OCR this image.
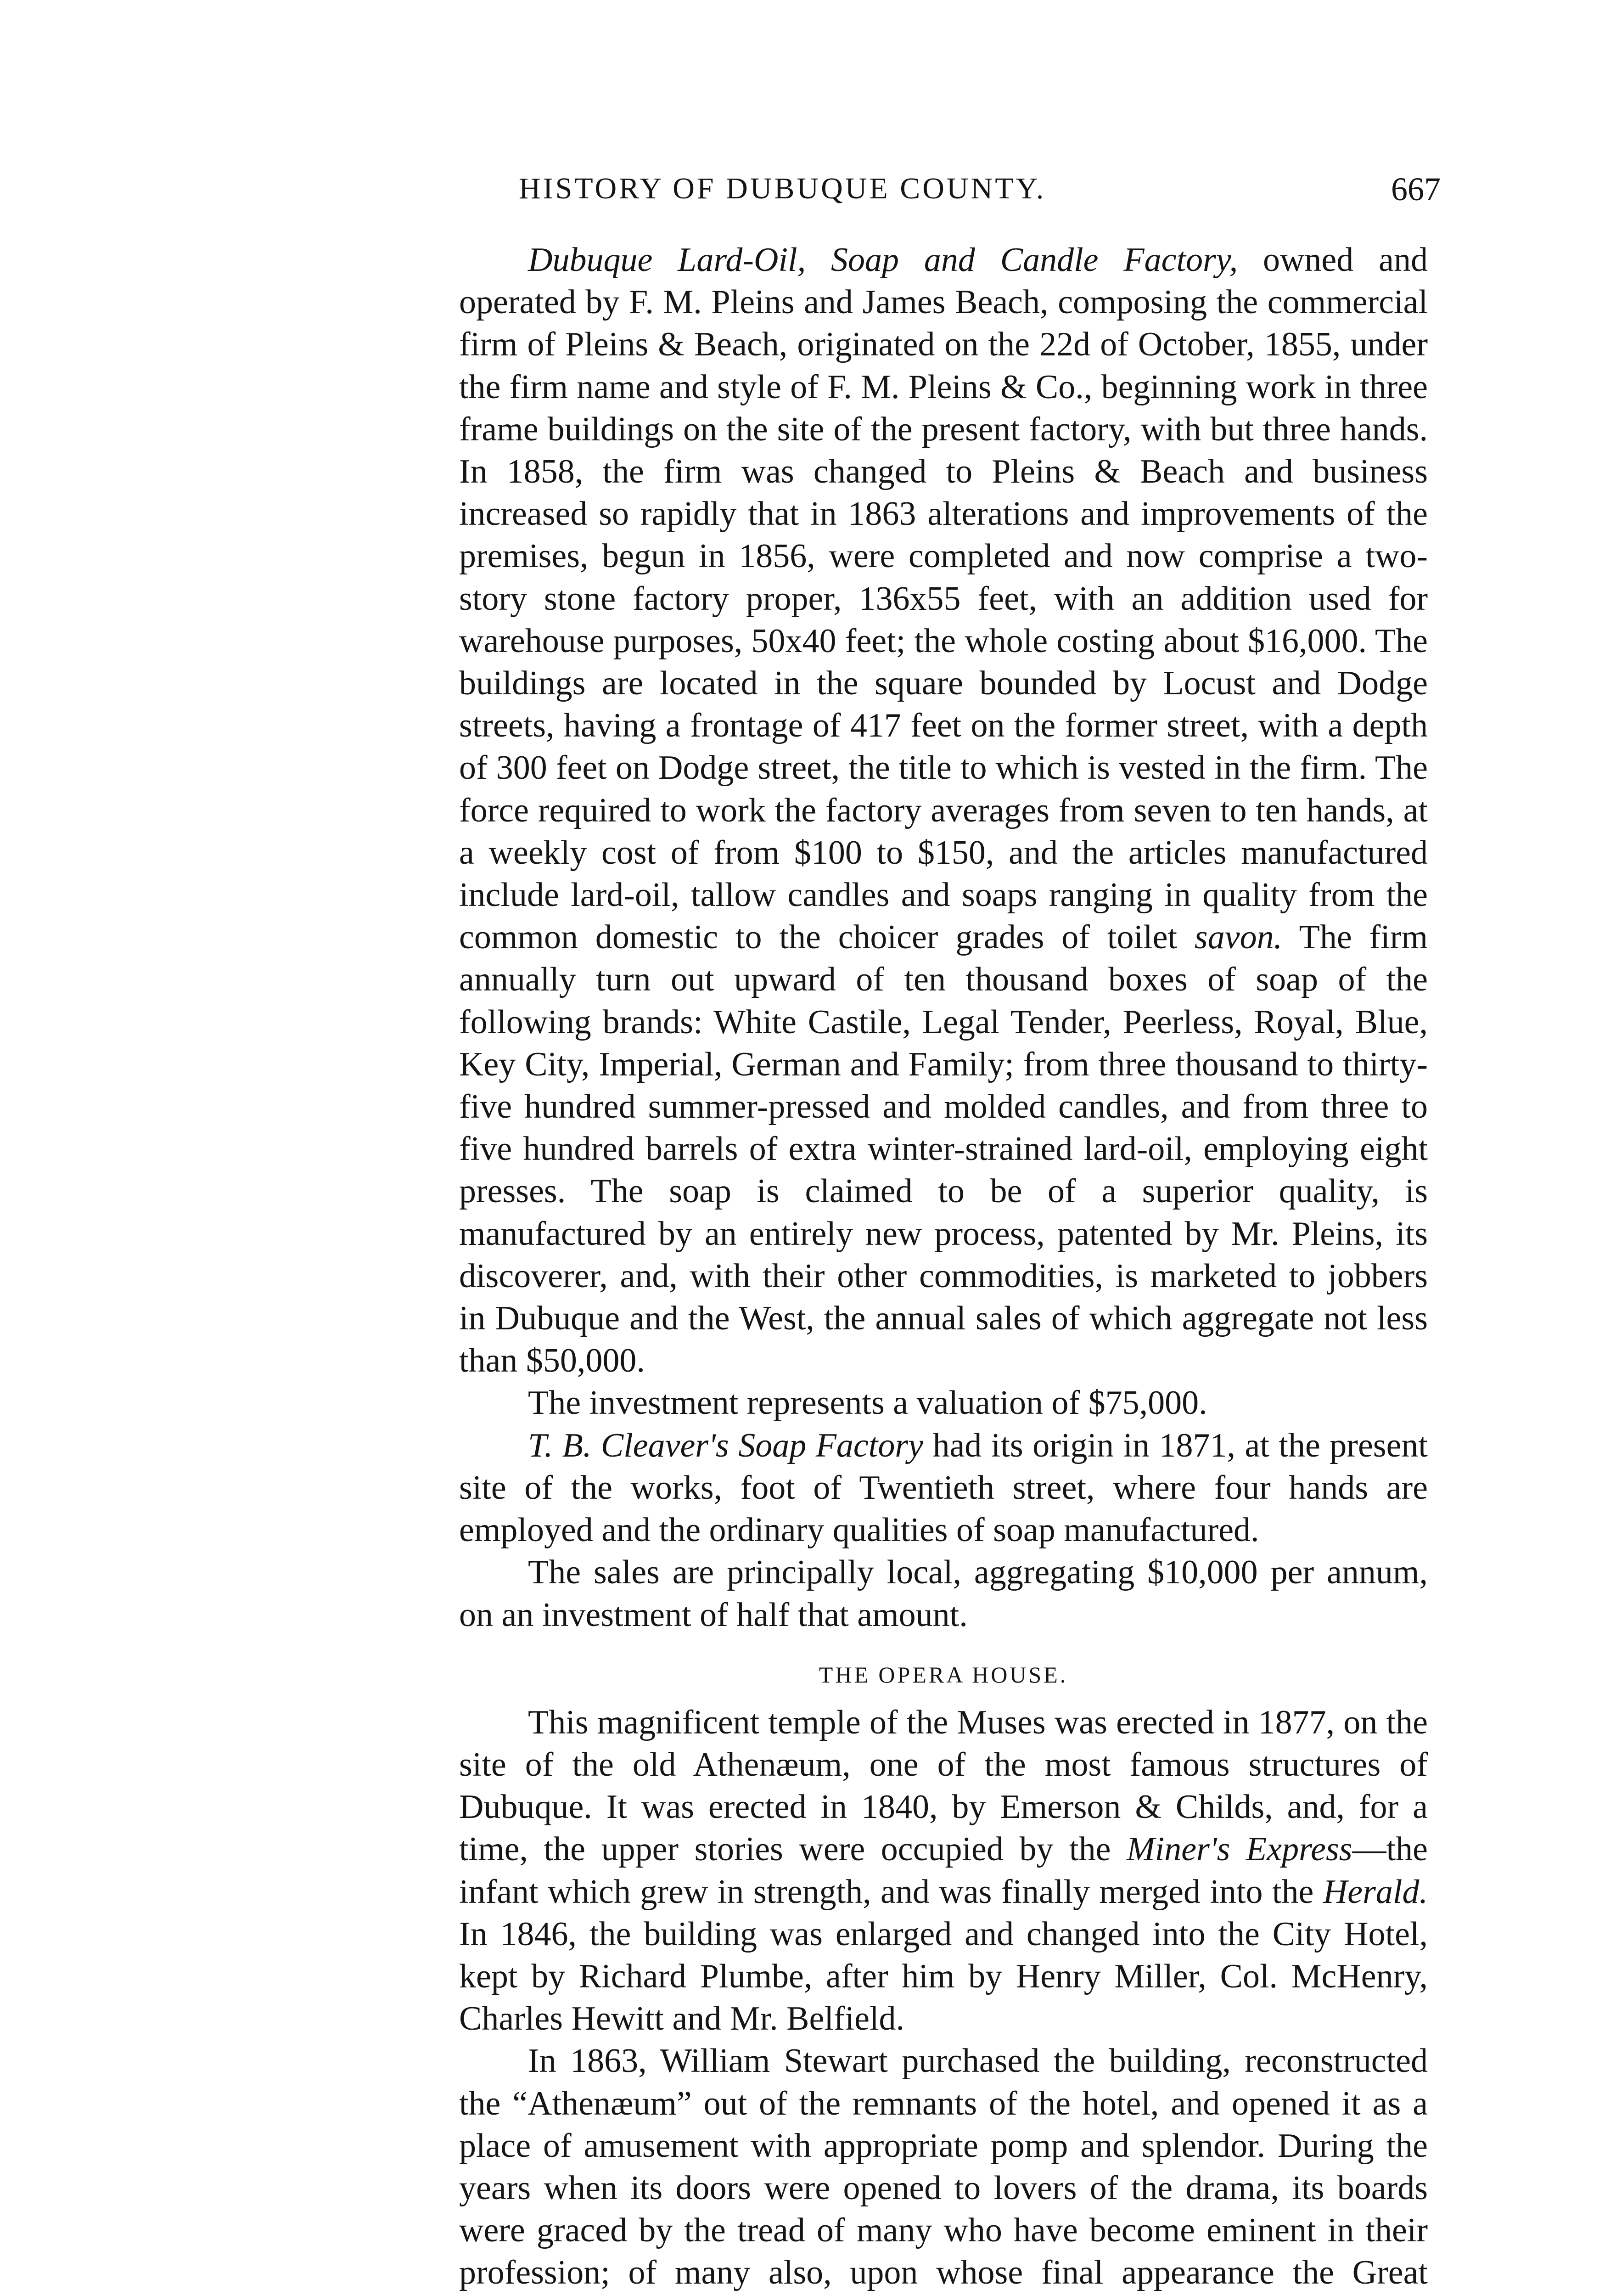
HISTORY OF DUBUQUE COUNTY.	667

Dubuque Lard-Oil, Soap and Candle Factory, owned and operated by F. M. Pleins and James Beach, composing the commercial firm of Pleins & Beach, originated on the 22d of October, 1855, under the firm name and style of F. M. Pleins & Co., beginning work in three frame buildings on the site of the present factory, with but three hands. In 1858, the firm was changed to Pleins & Beach and business increased so rapidly that in 1863 alterations and improvements of the premises, begun in 1856, were completed and now comprise a two-story stone factory proper, 136x55 feet, with an addition used for warehouse purposes, 50x40 feet; the whole costing about $16,000. The buildings are located in the square bounded by Locust and Dodge streets, having a frontage of 417 feet on the former street, with a depth of 300 feet on Dodge street, the title to which is vested in the firm. The force required to work the factory averages from seven to ten hands, at a weekly cost of from $100 to $150, and the articles manufactured include lard-oil, tallow candles and soaps ranging in quality from the common domestic to the choicer grades of toilet savon. The firm annually turn out upward of ten thousand boxes of soap of the following brands: White Castile, Legal Tender, Peerless, Royal, Blue, Key City, Imperial, German and Family; from three thousand to thirty-five hundred summer-pressed and molded candles, and from three to five hundred barrels of extra winter-strained lard-oil, employing eight presses. The soap is claimed to be of a superior quality, is manufactured by an entirely new process, patented by Mr. Pleins, its discoverer, and, with their other commodities, is marketed to jobbers in Dubuque and the West, the annual sales of which aggregate not less than $50,000.

The investment represents a valuation of $75,000.

T. B. Cleaver's Soap Factory had its origin in 1871, at the present site of the works, foot of Twentieth street, where four hands are employed and the ordinary qualities of soap manufactured.

The sales are principally local, aggregating $10,000 per annum, on an investment of half that amount.

THE OPERA HOUSE.

This magnificent temple of the Muses was erected in 1877, on the site of the old Athenæum, one of the most famous structures of Dubuque. It was erected in 1840, by Emerson & Childs, and, for a time, the upper stories were occupied by the Miner's Express—the infant which grew in strength, and was finally merged into the Herald. In 1846, the building was enlarged and changed into the City Hotel, kept by Richard Plumbe, after him by Henry Miller, Col. McHenry, Charles Hewitt and Mr. Belfield.

In 1863, William Stewart purchased the building, reconstructed the “Athenæum” out of the remnants of the hotel, and opened it as a place of amusement with appropriate pomp and splendor. During the years when its doors were opened to lovers of the drama, its boards were graced by the tread of many who have become eminent in their profession; of many also, upon whose final appearance the Great
